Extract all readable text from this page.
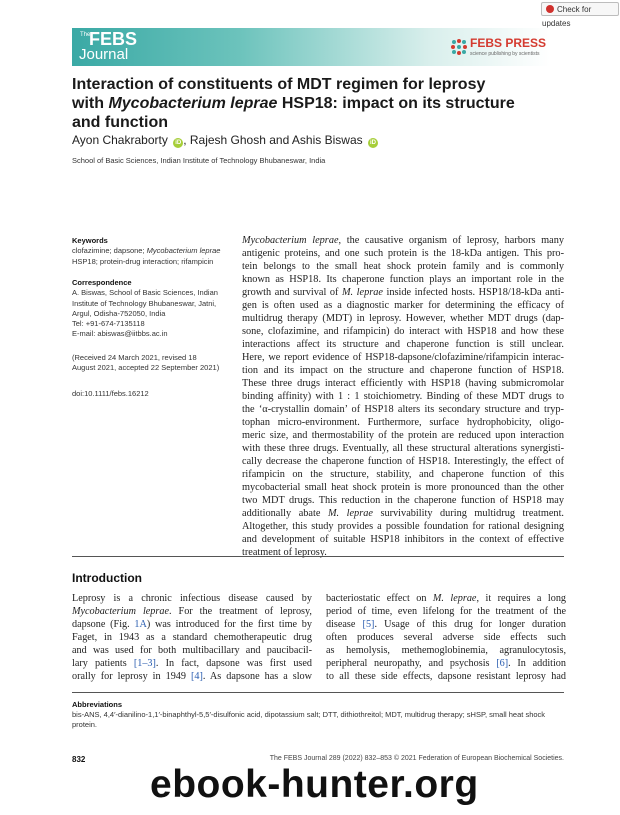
Check for updates
The
FEBS
Journal
FEBS PRESS
science publishing by scientists
Interaction of constituents of MDT regimen for leprosy
with Mycobacterium leprae HSP18: impact on its structure
and function
Ayon Chakraborty iD , Rajesh Ghosh and Ashis Biswas iD
School of Basic Sciences, Indian Institute of Technology Bhubaneswar, India
Keywords
clofazimine; dapsone; Mycobacterium leprae
HSP18; protein-drug interaction; rifampicin
Correspondence
A. Biswas, School of Basic Sciences, Indian
Institute of Technology Bhubaneswar, Jatni,
Argul, Odisha-752050, India
Tel: +91-674-7135118
E-mail: abiswas@iitbbs.ac.in
(Received 24 March 2021, revised 18
August 2021, accepted 22 September 2021)
doi:10.1111/febs.16212
Mycobacterium leprae, the causative organism of leprosy, harbors many
antigenic proteins, and one such protein is the 18-kDa antigen. This pro-
tein belongs to the small heat shock protein family and is commonly
known as HSP18. Its chaperone function plays an important role in the
growth and survival of M. leprae inside infected hosts. HSP18/18-kDa anti-
gen is often used as a diagnostic marker for determining the efficacy of
multidrug therapy (MDT) in leprosy. However, whether MDT drugs (dap-
sone, clofazimine, and rifampicin) do interact with HSP18 and how these
interactions affect its structure and chaperone function is still unclear.
Here, we report evidence of HSP18-dapsone/clofazimine/rifampicin interac-
tion and its impact on the structure and chaperone function of HSP18.
These three drugs interact efficiently with HSP18 (having submicromolar
binding affinity) with 1 : 1 stoichiometry. Binding of these MDT drugs to
the ‘α-crystallin domain’ of HSP18 alters its secondary structure and tryp-
tophan micro-environment. Furthermore, surface hydrophobicity, oligo-
meric size, and thermostability of the protein are reduced upon interaction
with these three drugs. Eventually, all these structural alterations synergisti-
cally decrease the chaperone function of HSP18. Interestingly, the effect of
rifampicin on the structure, stability, and chaperone function of this
mycobacterial small heat shock protein is more pronounced than the other
two MDT drugs. This reduction in the chaperone function of HSP18 may
additionally abate M. leprae survivability during multidrug treatment.
Altogether, this study provides a possible foundation for rational designing
and development of suitable HSP18 inhibitors in the context of effective
treatment of leprosy.
Introduction
Leprosy is a chronic infectious disease caused by
Mycobacterium leprae. For the treatment of leprosy,
dapsone (Fig. 1A) was introduced for the first time by
Faget, in 1943 as a standard chemotherapeutic drug
and was used for both multibacillary and paucibacil-
lary patients [1–3]. In fact, dapsone was first used
orally for leprosy in 1949 [4]. As dapsone has a slow
bacteriostatic effect on M. leprae, it requires a long
period of time, even lifelong for the treatment of the
disease [5]. Usage of this drug for longer duration
often produces several adverse side effects such
as hemolysis, methemoglobinemia, agranulocytosis,
peripheral neuropathy, and psychosis [6]. In addition
to all these side effects, dapsone resistant leprosy had
Abbreviations
bis-ANS, 4,4′-dianilino-1,1′-binaphthyl-5,5′-disulfonic acid, dipotassium salt; DTT, dithiothreitol; MDT, multidrug therapy; sHSP, small heat shock protein.
832	The FEBS Journal 289 (2022) 832–853 © 2021 Federation of European Biochemical Societies.
ebook-hunter.org
